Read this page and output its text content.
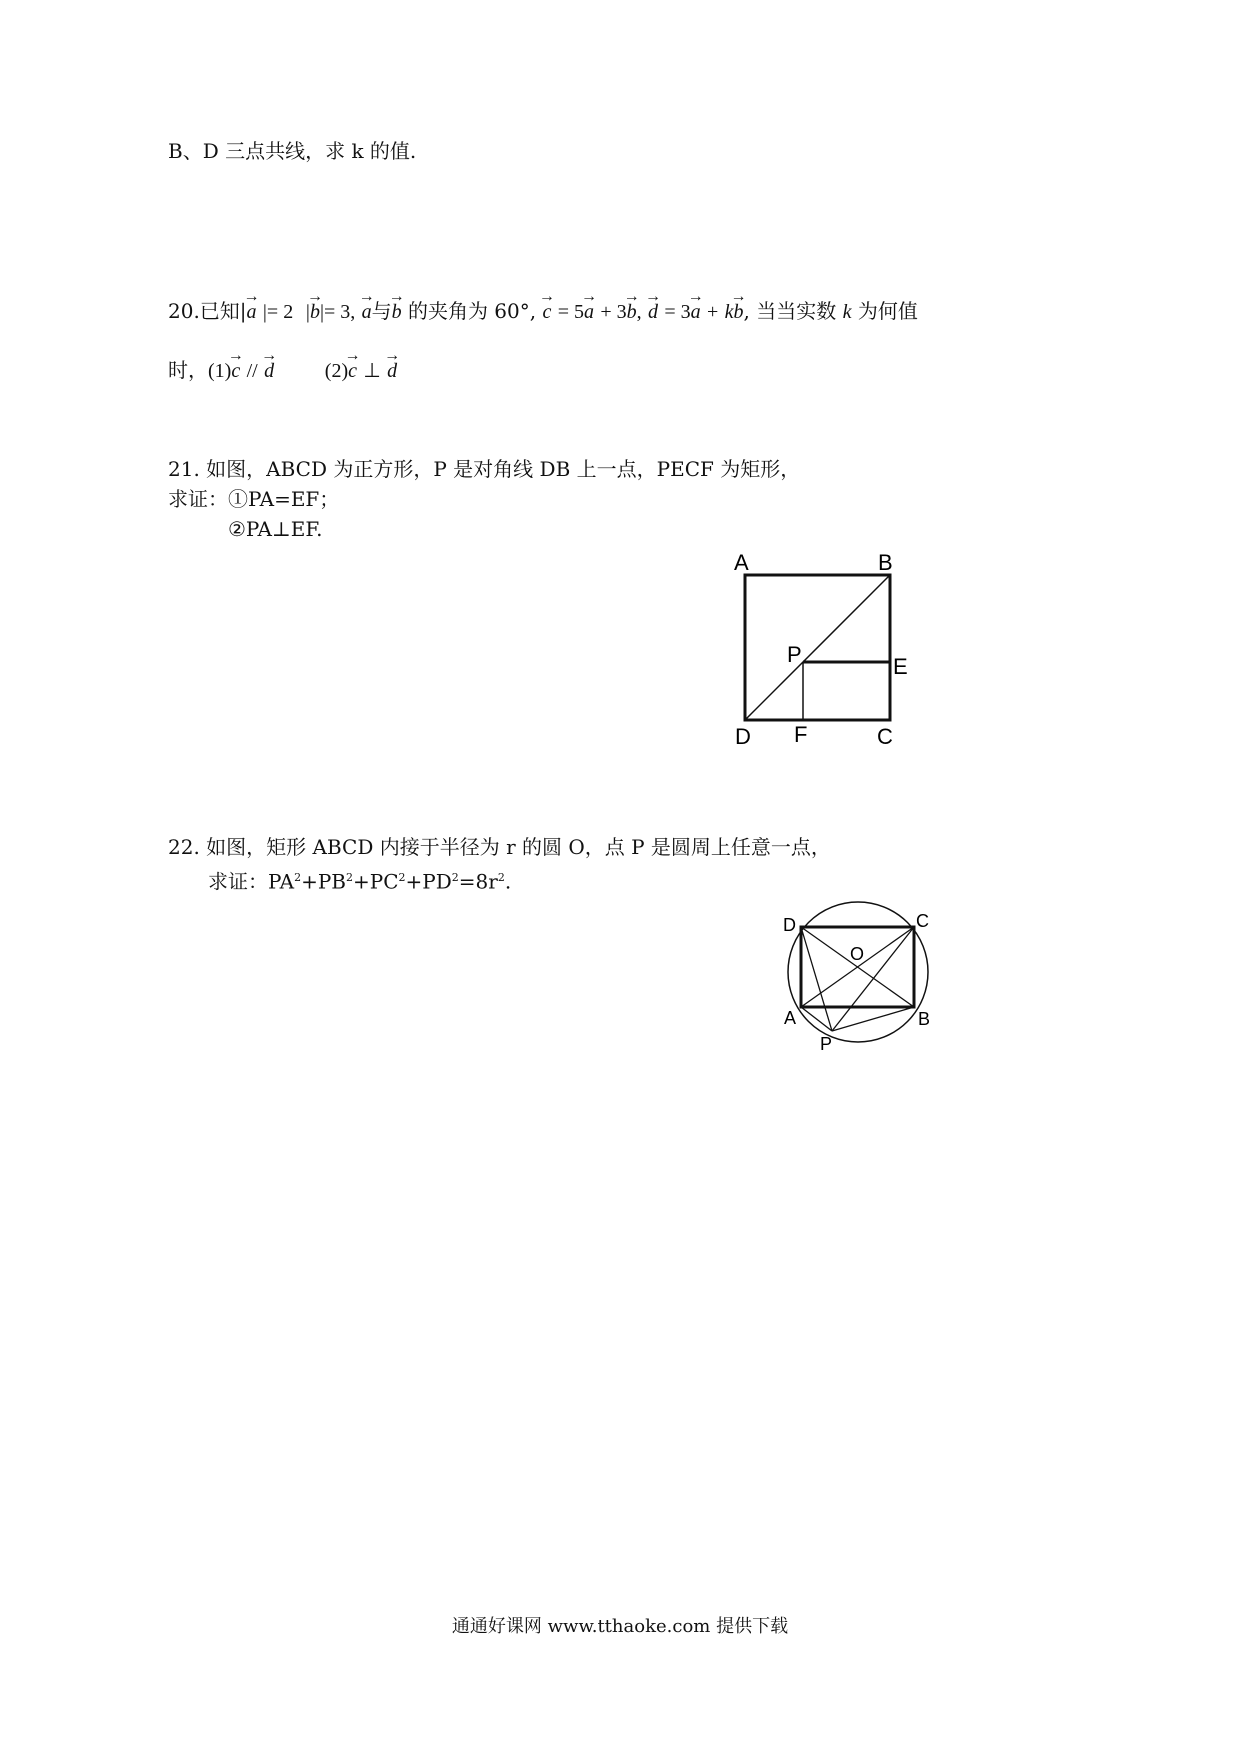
B、D 三点共线，求 k 的值.
20.已知|→ a |= 2 |→ b|= 3, → a与→ b 的夹角为 60°, → c = 5→ a + 3→ b, → d = 3→ a + k→ b, 当当实数 k 为何值
时，(1)→ c // → d	(2)→ c ⊥ → d
21. 如图，ABCD 为正方形，P 是对角线 DB 上一点，PECF 为矩形，
求证：①PA=EF；
②PA⊥EF.
A	B
E
P
D F	C
22. 如图，矩形 ABCD 内接于半径为 r 的圆 O，点 P 是圆周上任意一点，
求证：$PA^2+PB^2+PC^2+PD^2=8r^2$.
D	C
O
A	B
P
通通好课网 www.tthaoke.com 提供下载
